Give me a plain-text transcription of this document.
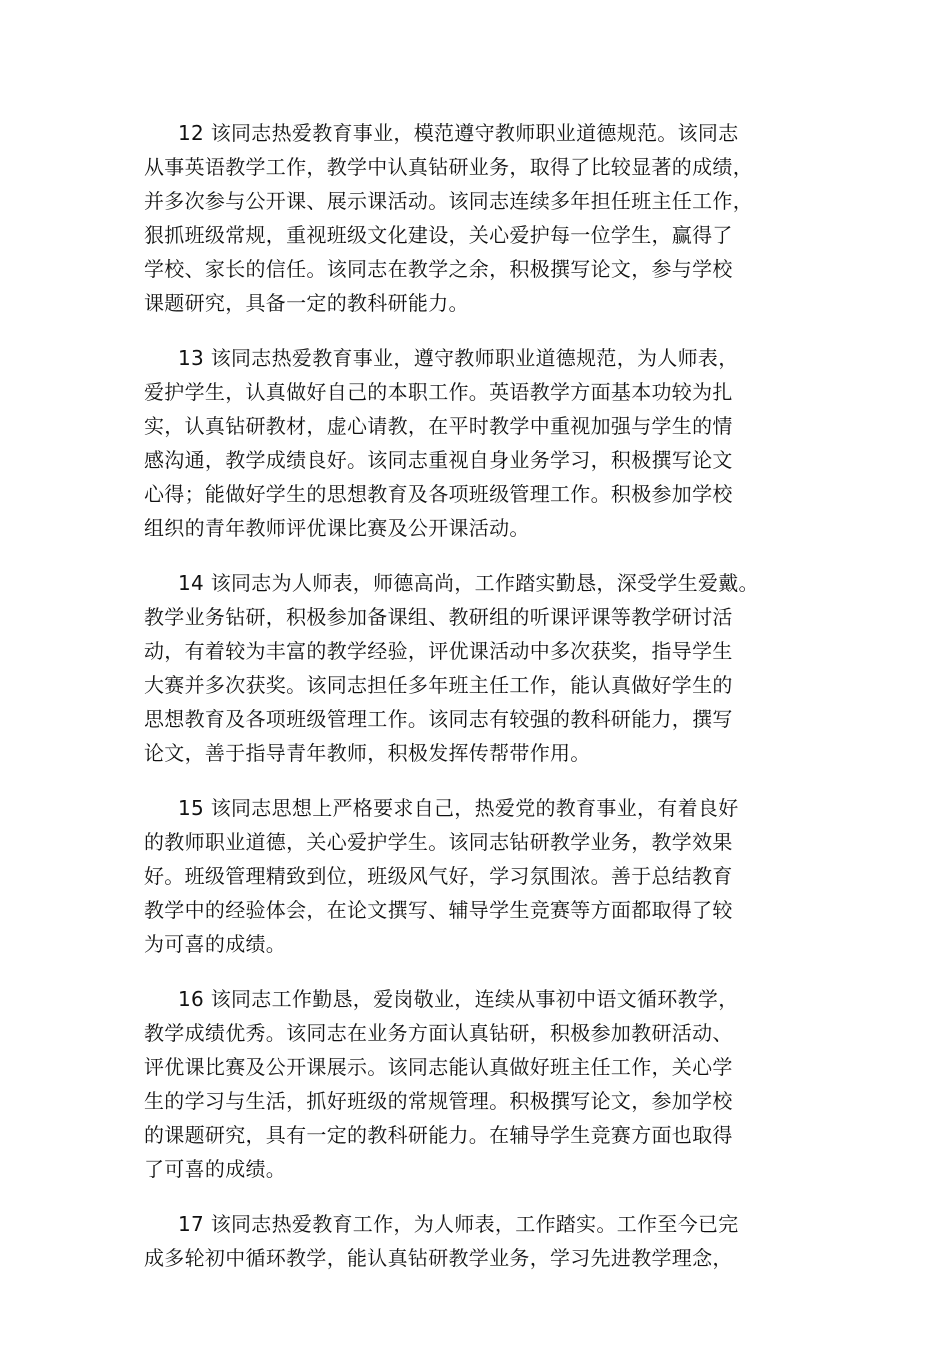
12 该同志热爱教育事业，模范遵守教师职业道德规范。该同志
从事英语教学工作，教学中认真钻研业务，取得了比较显著的成绩，
并多次参与公开课、展示课活动。该同志连续多年担任班主任工作，
狠抓班级常规，重视班级文化建设，关心爱护每一位学生，赢得了
学校、家长的信任。该同志在教学之余，积极撰写论文，参与学校
课题研究，具备一定的教科研能力。
13 该同志热爱教育事业，遵守教师职业道德规范，为人师表，
爱护学生，认真做好自己的本职工作。英语教学方面基本功较为扎
实，认真钻研教材，虚心请教，在平时教学中重视加强与学生的情
感沟通，教学成绩良好。该同志重视自身业务学习，积极撰写论文
心得；能做好学生的思想教育及各项班级管理工作。积极参加学校
组织的青年教师评优课比赛及公开课活动。
14 该同志为人师表，师德高尚，工作踏实勤恳，深受学生爱戴。
教学业务钻研，积极参加备课组、教研组的听课评课等教学研讨活
动，有着较为丰富的教学经验，评优课活动中多次获奖，指导学生
大赛并多次获奖。该同志担任多年班主任工作，能认真做好学生的
思想教育及各项班级管理工作。该同志有较强的教科研能力，撰写
论文，善于指导青年教师，积极发挥传帮带作用。
15 该同志思想上严格要求自己，热爱党的教育事业，有着良好
的教师职业道德，关心爱护学生。该同志钻研教学业务，教学效果
好。班级管理精致到位，班级风气好，学习氛围浓。善于总结教育
教学中的经验体会，在论文撰写、辅导学生竞赛等方面都取得了较
为可喜的成绩。
16 该同志工作勤恳，爱岗敬业，连续从事初中语文循环教学，
教学成绩优秀。该同志在业务方面认真钻研，积极参加教研活动、
评优课比赛及公开课展示。该同志能认真做好班主任工作，关心学
生的学习与生活，抓好班级的常规管理。积极撰写论文，参加学校
的课题研究，具有一定的教科研能力。在辅导学生竞赛方面也取得
了可喜的成绩。
17 该同志热爱教育工作，为人师表，工作踏实。工作至今已完
成多轮初中循环教学，能认真钻研教学业务，学习先进教学理念，
